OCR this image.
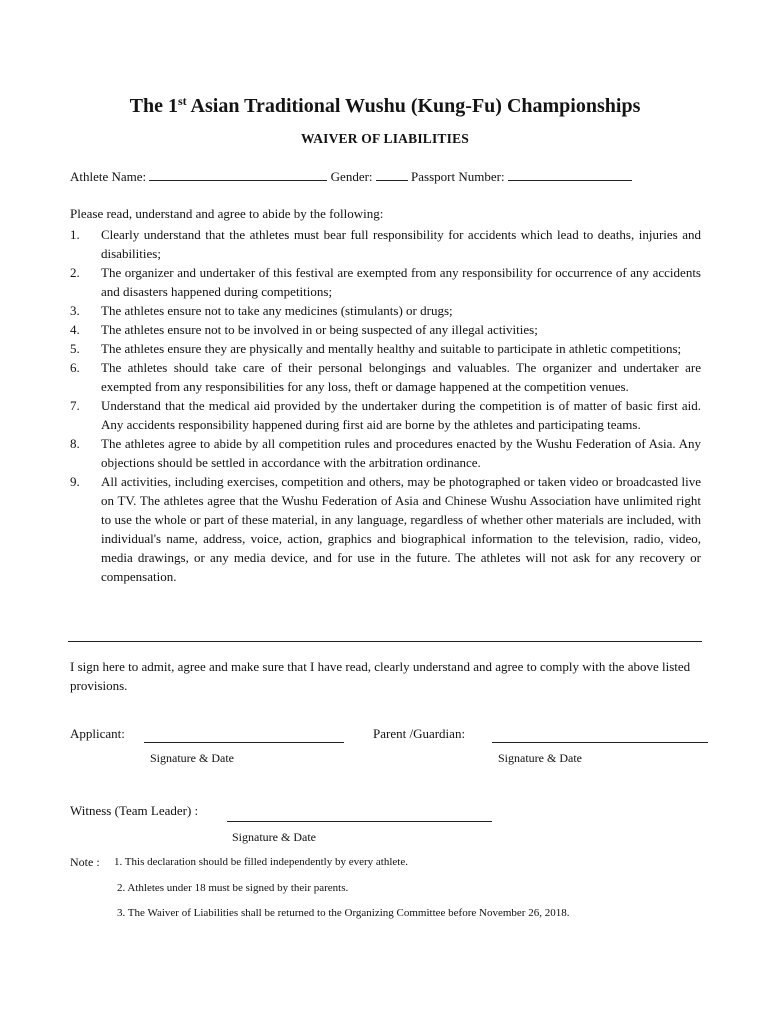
The 1st Asian Traditional Wushu (Kung-Fu) Championships
WAIVER OF LIABILITIES
Athlete Name:	Gender:	Passport Number:
Please read, understand and agree to abide by the following:
1. Clearly understand that the athletes must bear full responsibility for accidents which lead to deaths, injuries and disabilities;
2. The organizer and undertaker of this festival are exempted from any responsibility for occurrence of any accidents and disasters happened during competitions;
3. The athletes ensure not to take any medicines (stimulants) or drugs;
4. The athletes ensure not to be involved in or being suspected of any illegal activities;
5. The athletes ensure they are physically and mentally healthy and suitable to participate in athletic competitions;
6. The athletes should take care of their personal belongings and valuables. The organizer and undertaker are exempted from any responsibilities for any loss, theft or damage happened at the competition venues.
7. Understand that the medical aid provided by the undertaker during the competition is of matter of basic first aid. Any accidents responsibility happened during first aid are borne by the athletes and participating teams.
8. The athletes agree to abide by all competition rules and procedures enacted by the Wushu Federation of Asia. Any objections should be settled in accordance with the arbitration ordinance.
9. All activities, including exercises, competition and others, may be photographed or taken video or broadcasted live on TV. The athletes agree that the Wushu Federation of Asia and Chinese Wushu Association have unlimited right to use the whole or part of these material, in any language, regardless of whether other materials are included, with individual's name, address, voice, action, graphics and biographical information to the television, radio, video, media drawings, or any media device, and for use in the future. The athletes will not ask for any recovery or compensation.
I sign here to admit, agree and make sure that I have read, clearly understand and agree to comply with the above listed provisions.
Applicant:
Signature & Date
Parent /Guardian:
Signature & Date
Witness (Team Leader) :
Signature & Date
Note : 1. This declaration should be filled independently by every athlete.
2. Athletes under 18 must be signed by their parents.
3. The Waiver of Liabilities shall be returned to the Organizing Committee before November 26, 2018.
